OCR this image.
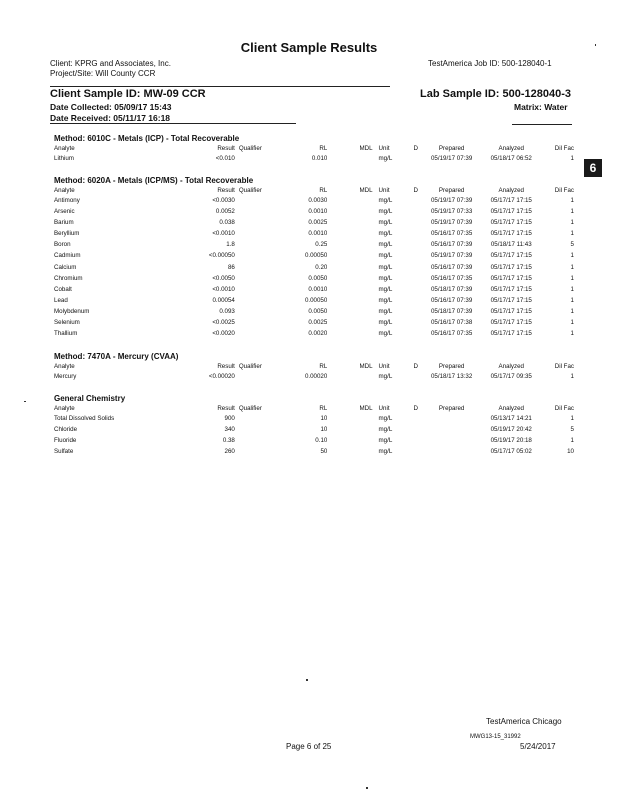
Client Sample Results
Client: KPRG and Associates, Inc.
Project/Site: Will County CCR
TestAmerica Job ID: 500-128040-1
Client Sample ID: MW-09 CCR	Lab Sample ID: 500-128040-3
Date Collected: 05/09/17 15:43	Matrix: Water
Date Received: 05/11/17 16:18
6
Method: 6010C - Metals (ICP) - Total Recoverable
Analyte	Result	Qualifier	RL	MDL	Unit	D	Prepared	Analyzed	Dil Fac
Lithium	<0.010		0.010		mg/L		05/19/17 07:39	05/18/17 06:52	1
Method: 6020A - Metals (ICP/MS) - Total Recoverable
Analyte	Result	Qualifier	RL	MDL	Unit	D	Prepared	Analyzed	Dil Fac
Antimony	<0.0030		0.0030		mg/L		05/19/17 07:39	05/17/17 17:15	1
Arsenic	0.0052		0.0010		mg/L		05/19/17 07:33	05/17/17 17:15	1
Barium	0.038		0.0025		mg/L		05/19/17 07:39	05/17/17 17:15	1
Beryllium	<0.0010		0.0010		mg/L		05/16/17 07:35	05/17/17 17:15	1
Boron	1.8		0.25		mg/L		05/16/17 07:39	05/18/17 11:43	5
Cadmium	<0.00050		0.00050		mg/L		05/19/17 07:39	05/17/17 17:15	1
Calcium	86		0.20		mg/L		05/16/17 07:39	05/17/17 17:15	1
Chromium	<0.0050		0.0050		mg/L		05/16/17 07:35	05/17/17 17:15	1
Cobalt	<0.0010		0.0010		mg/L		05/18/17 07:39	05/17/17 17:15	1
Lead	0.00054		0.00050		mg/L		05/16/17 07:39	05/17/17 17:15	1
Molybdenum	0.093		0.0050		mg/L		05/18/17 07:39	05/17/17 17:15	1
Selenium	<0.0025		0.0025		mg/L		05/16/17 07:38	05/17/17 17:15	1
Thallium	<0.0020		0.0020		mg/L		05/16/17 07:35	05/17/17 17:15	1
Method: 7470A - Mercury (CVAA)
Analyte	Result	Qualifier	RL	MDL	Unit	D	Prepared	Analyzed	Dil Fac
Mercury	<0.00020		0.00020		mg/L		05/18/17 13:32	05/17/17 09:35	1
General Chemistry
Analyte	Result	Qualifier	RL	MDL	Unit	D	Prepared	Analyzed	Dil Fac
Total Dissolved Solids	900		10		mg/L			05/13/17 14:21	1
Chloride	340		10		mg/L			05/19/17 20:42	5
Fluoride	0.38		0.10		mg/L			05/19/17 20:18	1
Sulfate	260		50		mg/L			05/17/17 05:02	10
TestAmerica Chicago
Page 6 of 25
MWG13-15_31992
5/24/2017
